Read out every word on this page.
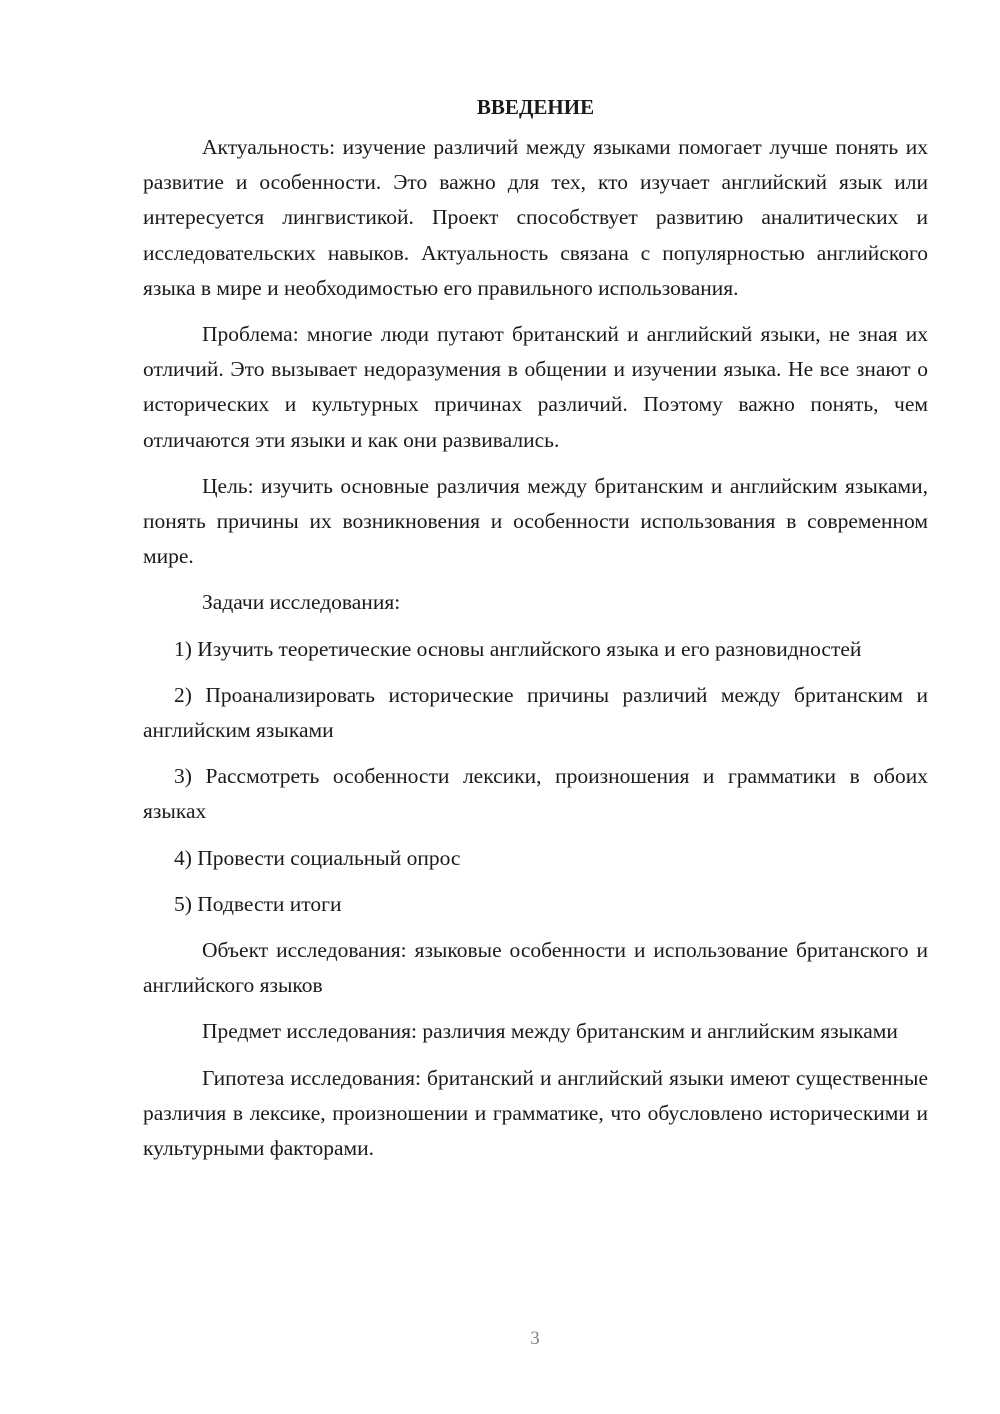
ВВЕДЕНИЕ

Актуальность: изучение различий между языками помогает лучше понять их развитие и особенности. Это важно для тех, кто изучает английский язык или интересуется лингвистикой. Проект способствует развитию аналитических и исследовательских навыков. Актуальность связана с популярностью английского языка в мире и необходимостью его правильного использования.

Проблема: многие люди путают британский и английский языки, не зная их отличий. Это вызывает недоразумения в общении и изучении языка. Не все знают о исторических и культурных причинах различий. Поэтому важно понять, чем отличаются эти языки и как они развивались.

Цель: изучить основные различия между британским и английским языками, понять причины их возникновения и особенности использования в современном мире.

Задачи исследования:

1) Изучить теоретические основы английского языка и его разновидностей

2) Проанализировать исторические причины различий между британским и английским языками

3) Рассмотреть особенности лексики, произношения и грамматики в обоих языках

4) Провести социальный опрос

5) Подвести итоги

Объект исследования: языковые особенности и использование британского и английского языков

Предмет исследования: различия между британским и английским языками

Гипотеза исследования: британский и английский языки имеют существенные различия в лексике, произношении и грамматике, что обусловлено историческими и культурными факторами.

3
